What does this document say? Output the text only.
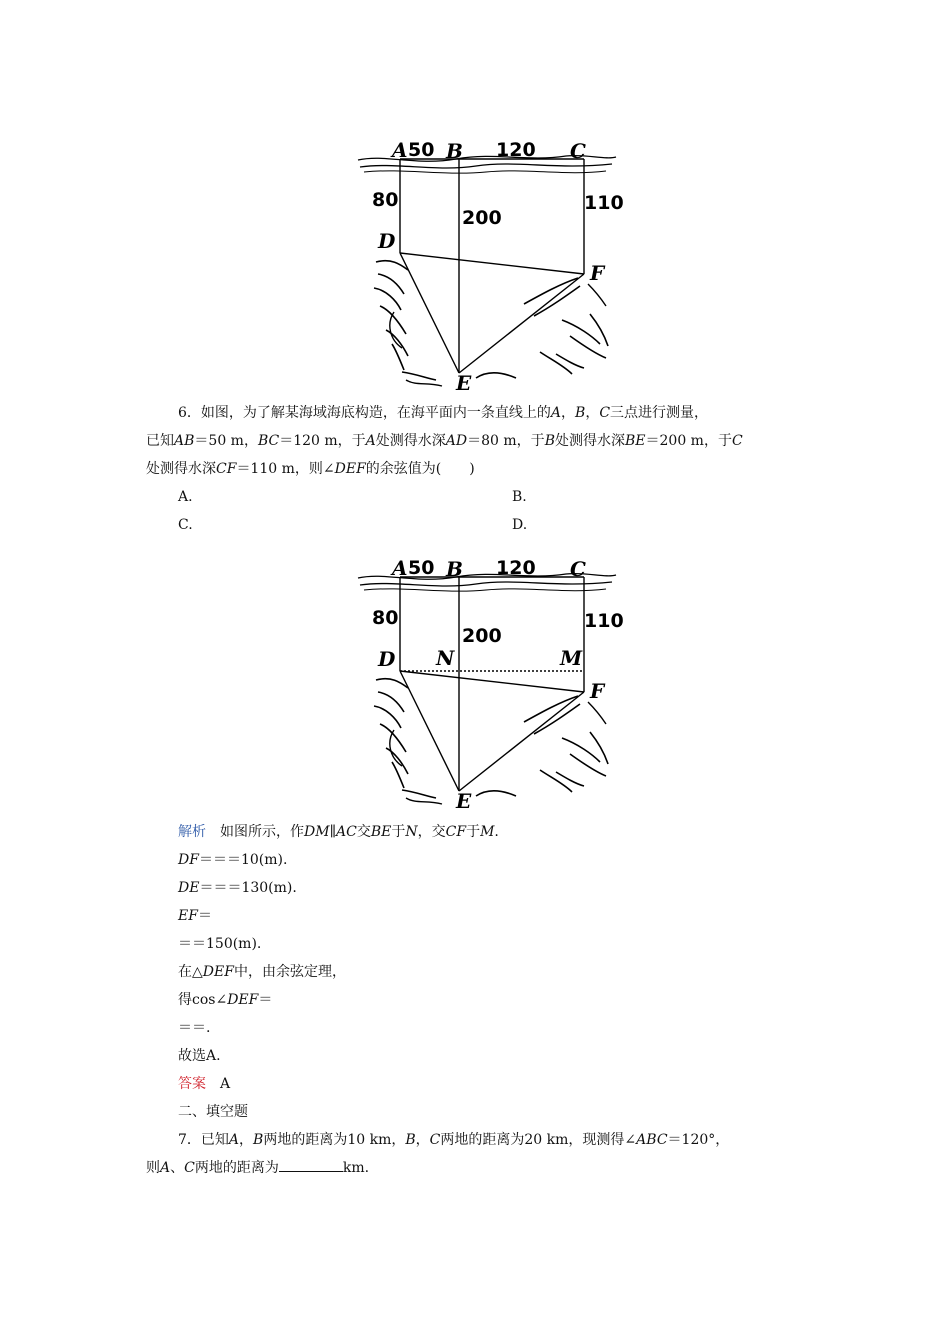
A 50 B 120 C
80
200
110
D
F
E
6．如图，为了解某海域海底构造，在海平面内一条直线上的A，B，C三点进行测量，
已知AB＝50 m，BC＝120 m，于A处测得水深AD＝80 m，于B处测得水深BE＝200 m，于C
处测得水深CF＝110 m，则∠DEF的余弦值为(　　)
A.	B.
C.	D.
A 50 B 120 C
80
200
110
D N	M
F
E
解析 如图所示，作DM∥AC交BE于N，交CF于M.
DF＝＝＝10(m).
DE＝＝＝130(m).
EF＝
＝＝150(m).
在△DEF中，由余弦定理，
得cos∠DEF＝
＝＝.
故选A.
答案 A
二、填空题
7．已知A，B两地的距离为10 km，B，C两地的距离为20 km，现测得∠ABC＝120°，
则A、C两地的距离为	km.
